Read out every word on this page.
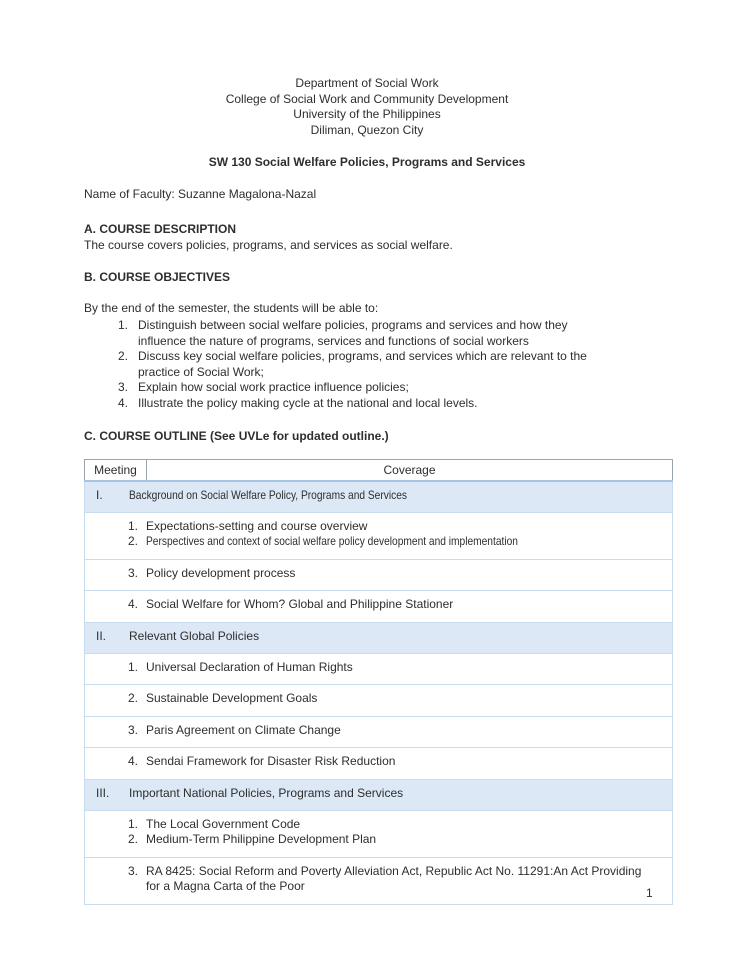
Department of Social Work
College of Social Work and Community Development
University of the Philippines
Diliman, Quezon City
SW 130 Social Welfare Policies, Programs and Services
Name of Faculty: Suzanne Magalona-Nazal
A. COURSE DESCRIPTION
The course covers policies, programs, and services as social welfare.
B. COURSE OBJECTIVES
By the end of the semester, the students will be able to:
1. Distinguish between social welfare policies, programs and services and how they influence the nature of programs, services and functions of social workers
2. Discuss key social welfare policies, programs, and services which are relevant to the practice of Social Work;
3. Explain how social work practice influence policies;
4. Illustrate the policy making cycle at the national and local levels.
C. COURSE OUTLINE (See UVLe for updated outline.)
Meeting	Coverage

I. Background on Social Welfare Policy, Programs and Services

1. Expectations-setting and course overview
2. Perspectives and context of social welfare policy development and implementation

3. Policy development process

4. Social Welfare for Whom? Global and Philippine Stationer

II. Relevant Global Policies

1. Universal Declaration of Human Rights

2. Sustainable Development Goals

3. Paris Agreement on Climate Change

4. Sendai Framework for Disaster Risk Reduction

III. Important National Policies, Programs and Services

1. The Local Government Code
2. Medium-Term Philippine Development Plan

3. RA 8425: Social Reform and Poverty Alleviation Act, Republic Act No. 11291:An Act Providing for a Magna Carta of the Poor	1
